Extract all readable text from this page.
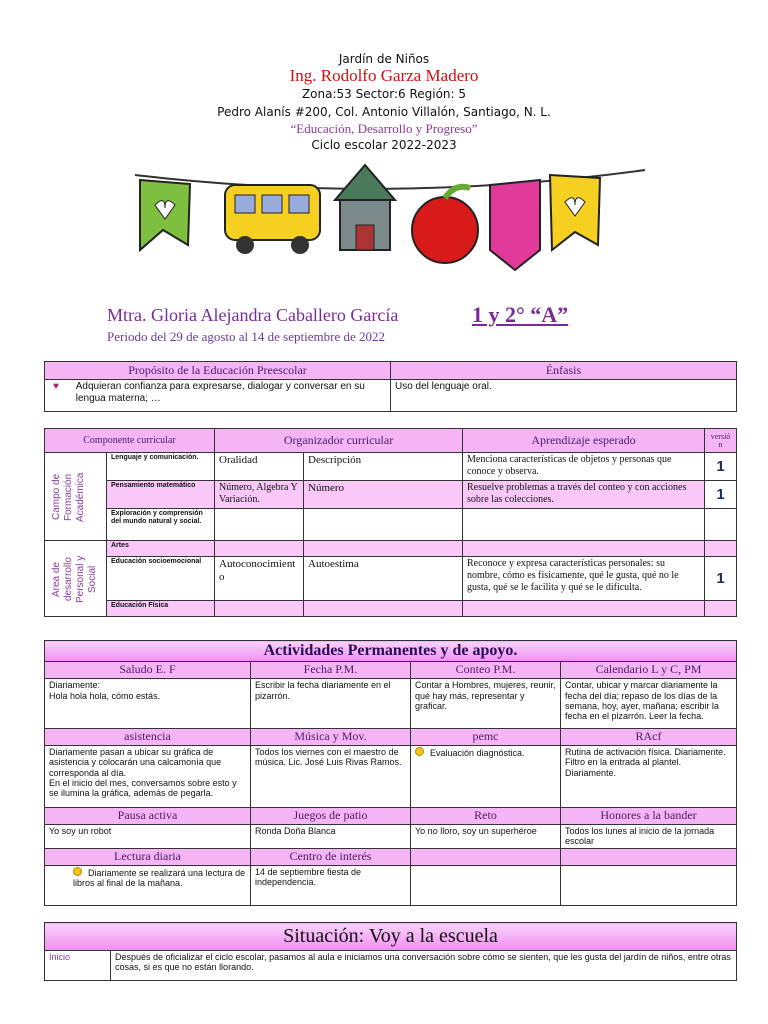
Jardín de Niños
Ing. Rodolfo Garza Madero
Zona:53 Sector:6 Región: 5
Pedro Alanís #200, Col. Antonio Villalón, Santiago, N. L.
“Educación, Desarrollo y Progreso”
Ciclo escolar 2022-2023
Mtra. Gloria Alejandra Caballero García	1 y 2° “A”
Periodo del 29 de agosto al 14 de septiembre de 2022
Propósito de la Educación Preescolar	Énfasis
♥ Adquieran confianza para expresarse, dialogar y conversar en su lengua materna; …	Uso del lenguaje oral.
Componente curricular		Organizador curricular		Aprendizaje esperado	versió n

Campo de Formación Académica	Lenguaje y comunicación.	Oralidad	Descripción	Menciona características de objetos y personas que conoce y observa.	1
	Pensamiento matemático	Número, Algebra Y Variación.	Número	Resuelve problemas a través del conteo y con acciones sobre las colecciones.	1
	Exploración y comprensión del mundo natural y social.				

Área de desarrollo Personal y Social	Artes				
	Educación socioemocional	Autoconocimiento	Autoestima	Reconoce y expresa características personales: su nombre, cómo es físicamente, qué le gusta, qué no le gusta, qué se le facilita y qué se le dificulta.	1
	Educación Física				
Actividades Permanentes y de apoyo.			
Saludo E. F	Fecha P.M.	Conteo P.M.	Calendario L y C, PM
Diariamente:
Hola hola hola, cómo estás.	Escribir la fecha diariamente en el pizarrón.	Contar a Hombres, mujeres, reunir, qué hay más, representar y graficar.	Contar, ubicar y marcar diariamente la fecha del día; repaso de los días de la semana, hoy, ayer, mañana; escribir la fecha en el pizarrón. Leer la fecha.
asistencia	Música y Mov.	pemc	RAcf
Diariamente pasan a ubicar su gráfica de asistencia y colocarán una calcamonía que corresponda al día.
En el inicio del mes, conversamos sobre esto y se ilumina la gráfica, además de pegarla.	Todos los viernes con el maestro de música. Lic. José Luis Rivas Ramos.	Evaluación diagnóstica.	Rutina de activación física. Diariamente. Filtro en la entrada al plantel. Diariamente.
Pausa activa	Juegos de patio	Reto	Honores a la bander
Yo soy un robot	Ronda Doña Blanca	Yo no lloro, soy un superhéroe	Todos los lunes al inicio de la jornada escolar
Lectura diaria	Centro de interés		
Diariamente se realizará una lectura de libros al final de la mañana.	14 de septiembre fiesta de independencia.		
Situación: Voy a la escuela
Inicio	Después de oficializar el ciclo escolar, pasamos al aula e iniciamos una conversación sobre cómo se sienten, que les gusta del jardín de niños, entre otras cosas, si es que no están llorando.
